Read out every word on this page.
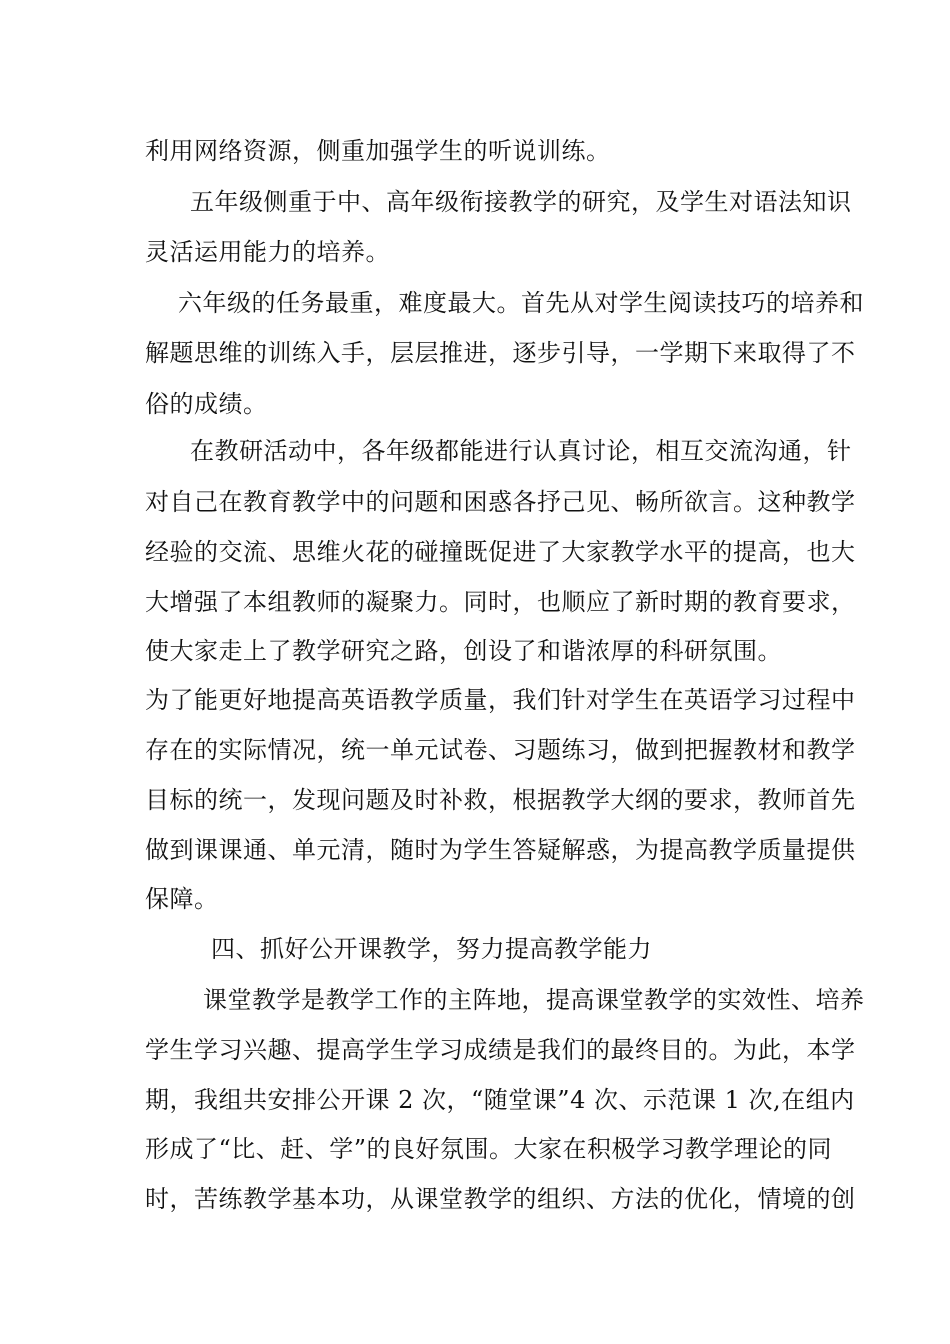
利用网络资源，侧重加强学生的听说训练。
五年级侧重于中、高年级衔接教学的研究，及学生对语法知识
灵活运用能力的培养。
六年级的任务最重，难度最大。首先从对学生阅读技巧的培养和
解题思维的训练入手，层层推进，逐步引导，一学期下来取得了不
俗的成绩。
在教研活动中，各年级都能进行认真讨论，相互交流沟通，针
对自己在教育教学中的问题和困惑各抒己见、畅所欲言。这种教学
经验的交流、思维火花的碰撞既促进了大家教学水平的提高，也大
大增强了本组教师的凝聚力。同时，也顺应了新时期的教育要求，
使大家走上了教学研究之路，创设了和谐浓厚的科研氛围。
为了能更好地提高英语教学质量，我们针对学生在英语学习过程中
存在的实际情况，统一单元试卷、习题练习，做到把握教材和教学
目标的统一，发现问题及时补救，根据教学大纲的要求，教师首先
做到课课通、单元清，随时为学生答疑解惑，为提高教学质量提供
保障。
四、抓好公开课教学，努力提高教学能力
课堂教学是教学工作的主阵地，提高课堂教学的实效性、培养
学生学习兴趣、提高学生学习成绩是我们的最终目的。为此，本学
期，我组共安排公开课 2 次，“随堂课”4 次、示范课 1 次,在组内
形成了“比、赶、学”的良好氛围。大家在积极学习教学理论的同
时，苦练教学基本功，从课堂教学的组织、方法的优化，情境的创
